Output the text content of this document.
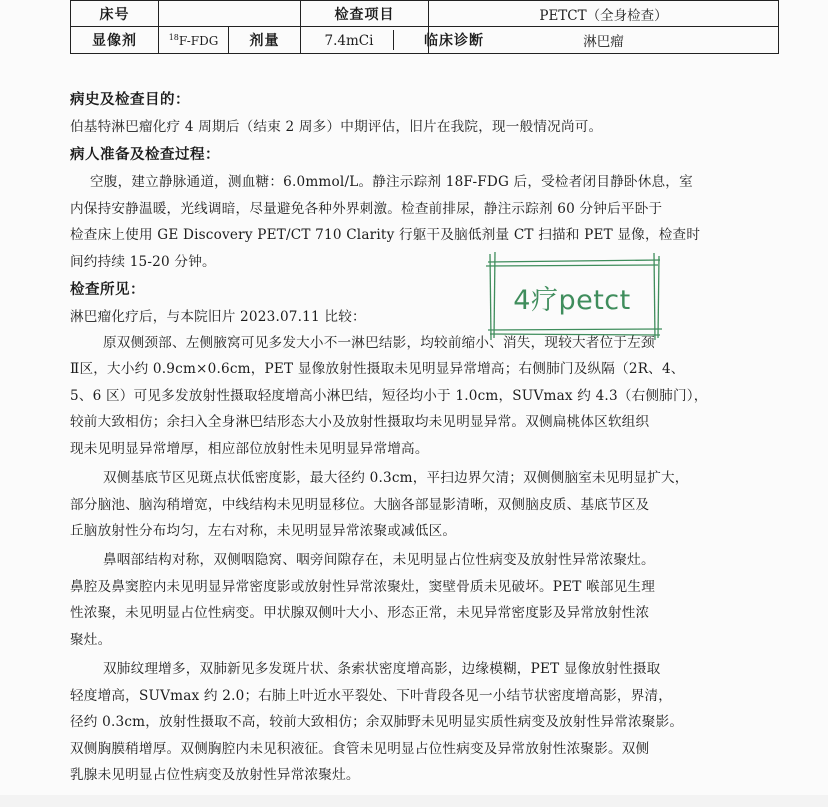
床号			检查项目	PETCT（全身检查）
显像剂	$^{18}$F-FDG	剂量	7.4mCi 临床诊断	淋巴瘤
病史及检查目的：
伯基特淋巴瘤化疗 4 周期后（结束 2 周多）中期评估，旧片在我院，现一般情况尚可。
病人准备及检查过程：
空腹，建立静脉通道，测血糖：6.0mmol/L。静注示踪剂 18F-FDG 后，受检者闭目静卧休息，室
内保持安静温暖，光线调暗，尽量避免各种外界刺激。检查前排尿，静注示踪剂 60 分钟后平卧于
检查床上使用 GE Discovery PET/CT 710 Clarity 行躯干及脑低剂量 CT 扫描和 PET 显像，检查时
间约持续 15-20 分钟。
检查所见：
淋巴瘤化疗后，与本院旧片 2023.07.11 比较：
原双侧颈部、左侧腋窝可见多发大小不一淋巴结影，均较前缩小、消失，现较大者位于左颈
Ⅱ区，大小约 0.9cm×0.6cm，PET 显像放射性摄取未见明显异常增高；右侧肺门及纵隔（2R、4、
5、6 区）可见多发放射性摄取轻度增高小淋巴结，短径均小于 1.0cm，SUVmax 约 4.3（右侧肺门），
较前大致相仿；余扫入全身淋巴结形态大小及放射性摄取均未见明显异常。双侧扁桃体区软组织
现未见明显异常增厚，相应部位放射性未见明显异常增高。
双侧基底节区见斑点状低密度影，最大径约 0.3cm，平扫边界欠清；双侧侧脑室未见明显扩大，
部分脑池、脑沟稍增宽，中线结构未见明显移位。大脑各部显影清晰，双侧脑皮质、基底节区及
丘脑放射性分布均匀，左右对称，未见明显异常浓聚或减低区。
鼻咽部结构对称，双侧咽隐窝、咽旁间隙存在，未见明显占位性病变及放射性异常浓聚灶。
鼻腔及鼻窦腔内未见明显异常密度影或放射性异常浓聚灶，窦壁骨质未见破坏。PET 喉部见生理
性浓聚，未见明显占位性病变。甲状腺双侧叶大小、形态正常，未见异常密度影及异常放射性浓
聚灶。
双肺纹理增多，双肺新见多发斑片状、条索状密度增高影，边缘模糊，PET 显像放射性摄取
轻度增高，SUVmax 约 2.0；右肺上叶近水平裂处、下叶背段各见一小结节状密度增高影，界清，
径约 0.3cm，放射性摄取不高，较前大致相仿；余双肺野未见明显实质性病变及放射性异常浓聚影。
双侧胸膜稍增厚。双侧胸腔内未见积液征。食管未见明显占位性病变及异常放射性浓聚影。双侧
乳腺未见明显占位性病变及放射性异常浓聚灶。
4疗petct
